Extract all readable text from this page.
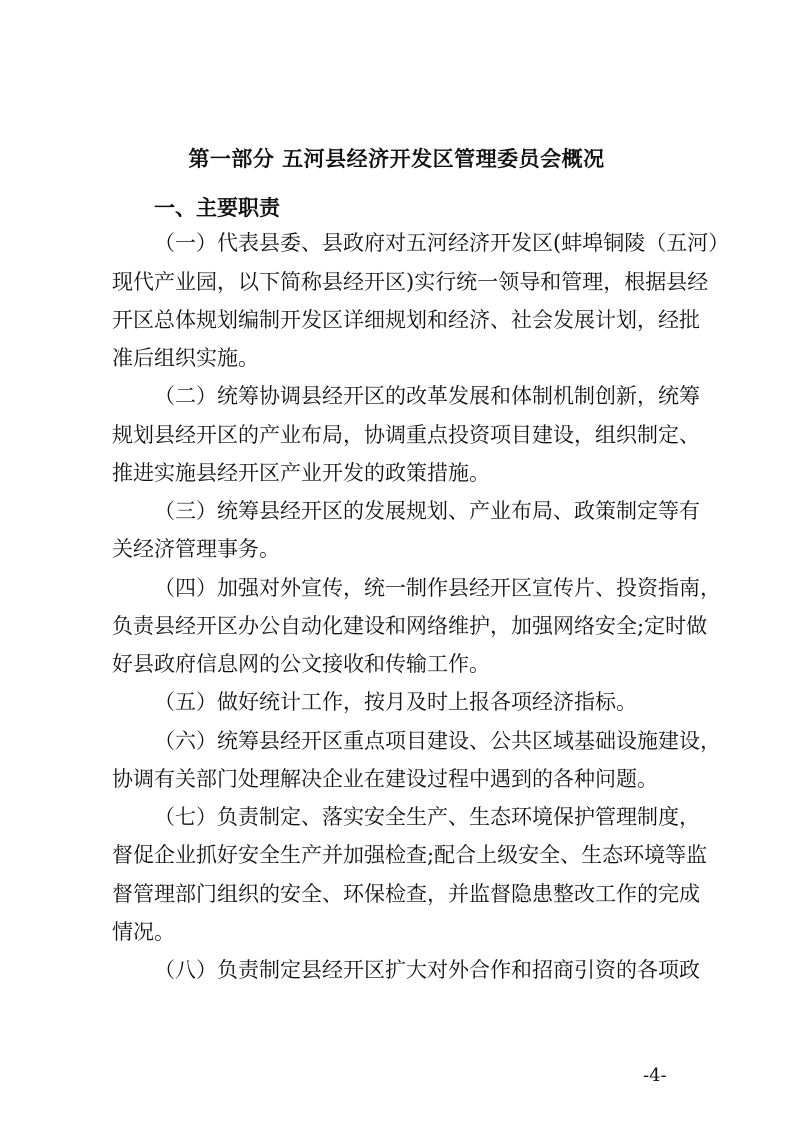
第一部分 五河县经济开发区管理委员会概况
一、主要职责
（一）代表县委、县政府对五河经济开发区(蚌埠铜陵（五河）
现代产业园，以下简称县经开区)实行统一领导和管理，根据县经
开区总体规划编制开发区详细规划和经济、社会发展计划，经批
准后组织实施。
（二）统筹协调县经开区的改革发展和体制机制创新，统筹
规划县经开区的产业布局，协调重点投资项目建设，组织制定、
推进实施县经开区产业开发的政策措施。
（三）统筹县经开区的发展规划、产业布局、政策制定等有
关经济管理事务。
（四）加强对外宣传，统一制作县经开区宣传片、投资指南，
负责县经开区办公自动化建设和网络维护，加强网络安全;定时做
好县政府信息网的公文接收和传输工作。
（五）做好统计工作，按月及时上报各项经济指标。
（六）统筹县经开区重点项目建设、公共区域基础设施建设，
协调有关部门处理解决企业在建设过程中遇到的各种问题。
（七）负责制定、落实安全生产、生态环境保护管理制度，
督促企业抓好安全生产并加强检查;配合上级安全、生态环境等监
督管理部门组织的安全、环保检查，并监督隐患整改工作的完成
情况。
（八）负责制定县经开区扩大对外合作和招商引资的各项政
-4-
